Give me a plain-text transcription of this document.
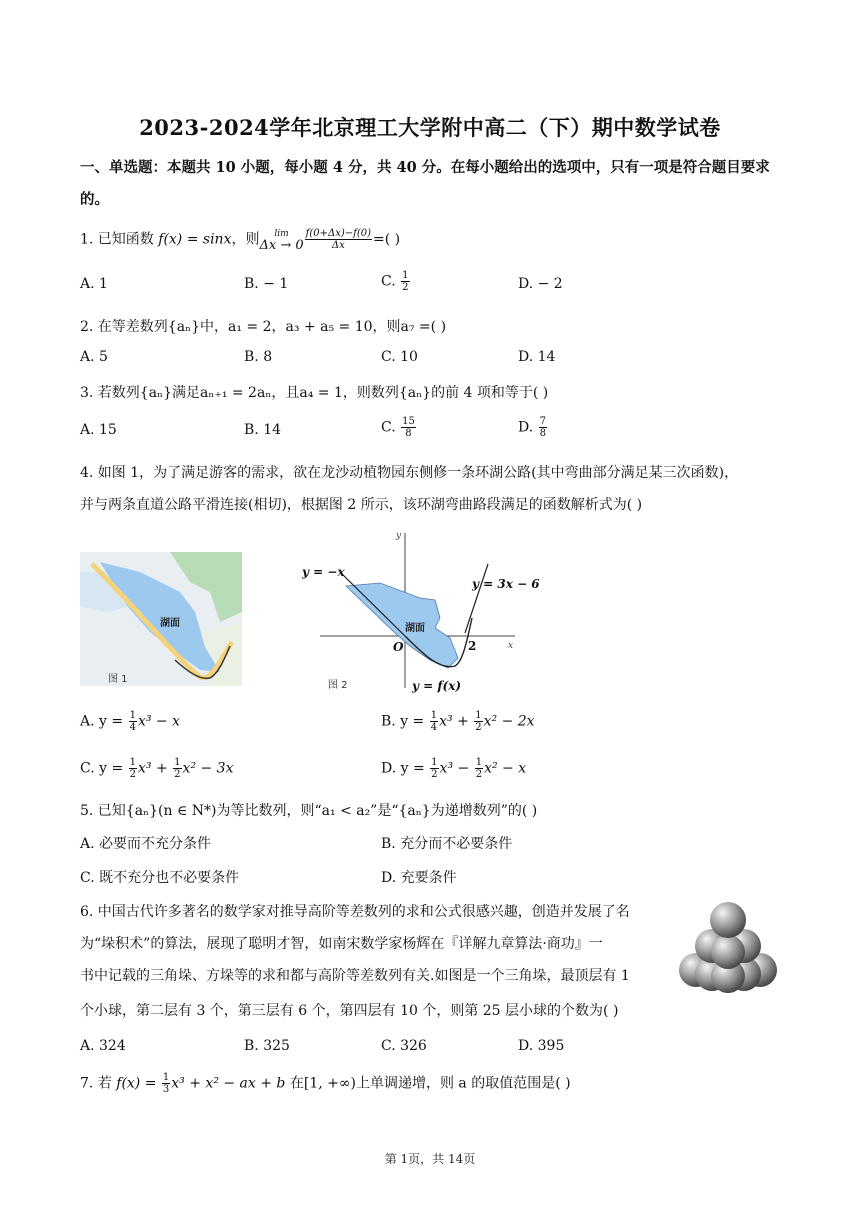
2023-2024学年北京理工大学附中高二（下）期中数学试卷
一、单选题：本题共 10 小题，每小题 4 分，共 40 分。在每小题给出的选项中，只有一项是符合题目要求
的。
1. 已知函数 f(x) = sinx，则	lim
$\Delta x \to 0 \frac{f(0+\Delta x)-f(0)}{\Delta x}$ =( )
A. 1	B. − 1	C. $\frac{1}{2}$	D. − 2
2. 在等差数列{aₙ}中，a₁ = 2，a₃ + a₅ = 10，则a₇ =( )
A. 5	B. 8	C. 10	D. 14
3. 若数列{aₙ}满足aₙ₊₁ = 2aₙ，且a₄ = 1，则数列{aₙ}的前 4 项和等于( )
A. 15	B. 14	C. $\frac{15}{8}$	D. $\frac{7}{8}$
4. 如图 1，为了满足游客的需求，欲在龙沙动植物园东侧修一条环湖公路(其中弯曲部分满足某三次函数)，
并与两条直道公路平滑连接(相切)，根据图 2 所示，该环湖弯曲路段满足的函数解析式为( )
湖面
图 1
x
y
y = −x
y = 3x − 6
湖面
O	2
y = f(x)
图 2
A. $y = \frac{1}{4} x^3 - x$	B. $y = \frac{1}{4} x^3 + \frac{1}{2} x^2 - 2x$
C. $y = \frac{1}{2} x^3 + \frac{1}{2} x^2 - 3x$	D. $y = \frac{1}{2} x^3 - \frac{1}{2} x^2 - x$
5. 已知{aₙ}(n ∈ N*)为等比数列，则“a₁ < a₂”是“{aₙ}为递增数列”的( )
A. 必要而不充分条件	B. 充分而不必要条件
C. 既不充分也不必要条件	D. 充要条件
6. 中国古代许多著名的数学家对推导高阶等差数列的求和公式很感兴趣，创造并发展了名
为“垛积术”的算法，展现了聪明才智，如南宋数学家杨辉在『详解九章算法·商功』一
书中记载的三角垛、方垛等的求和都与高阶等差数列有关.如图是一个三角垛，最顶层有 1
个小球，第二层有 3 个，第三层有 6 个，第四层有 10 个，则第 25 层小球的个数为( )
A. 324	B. 325	C. 326	D. 395
7. 若 $f(x) = \frac{1}{3} x^3 + x^2$ − ax + b 在[1, +∞)上单调递增，则 a 的取值范围是( )
第 1页，共 14页
